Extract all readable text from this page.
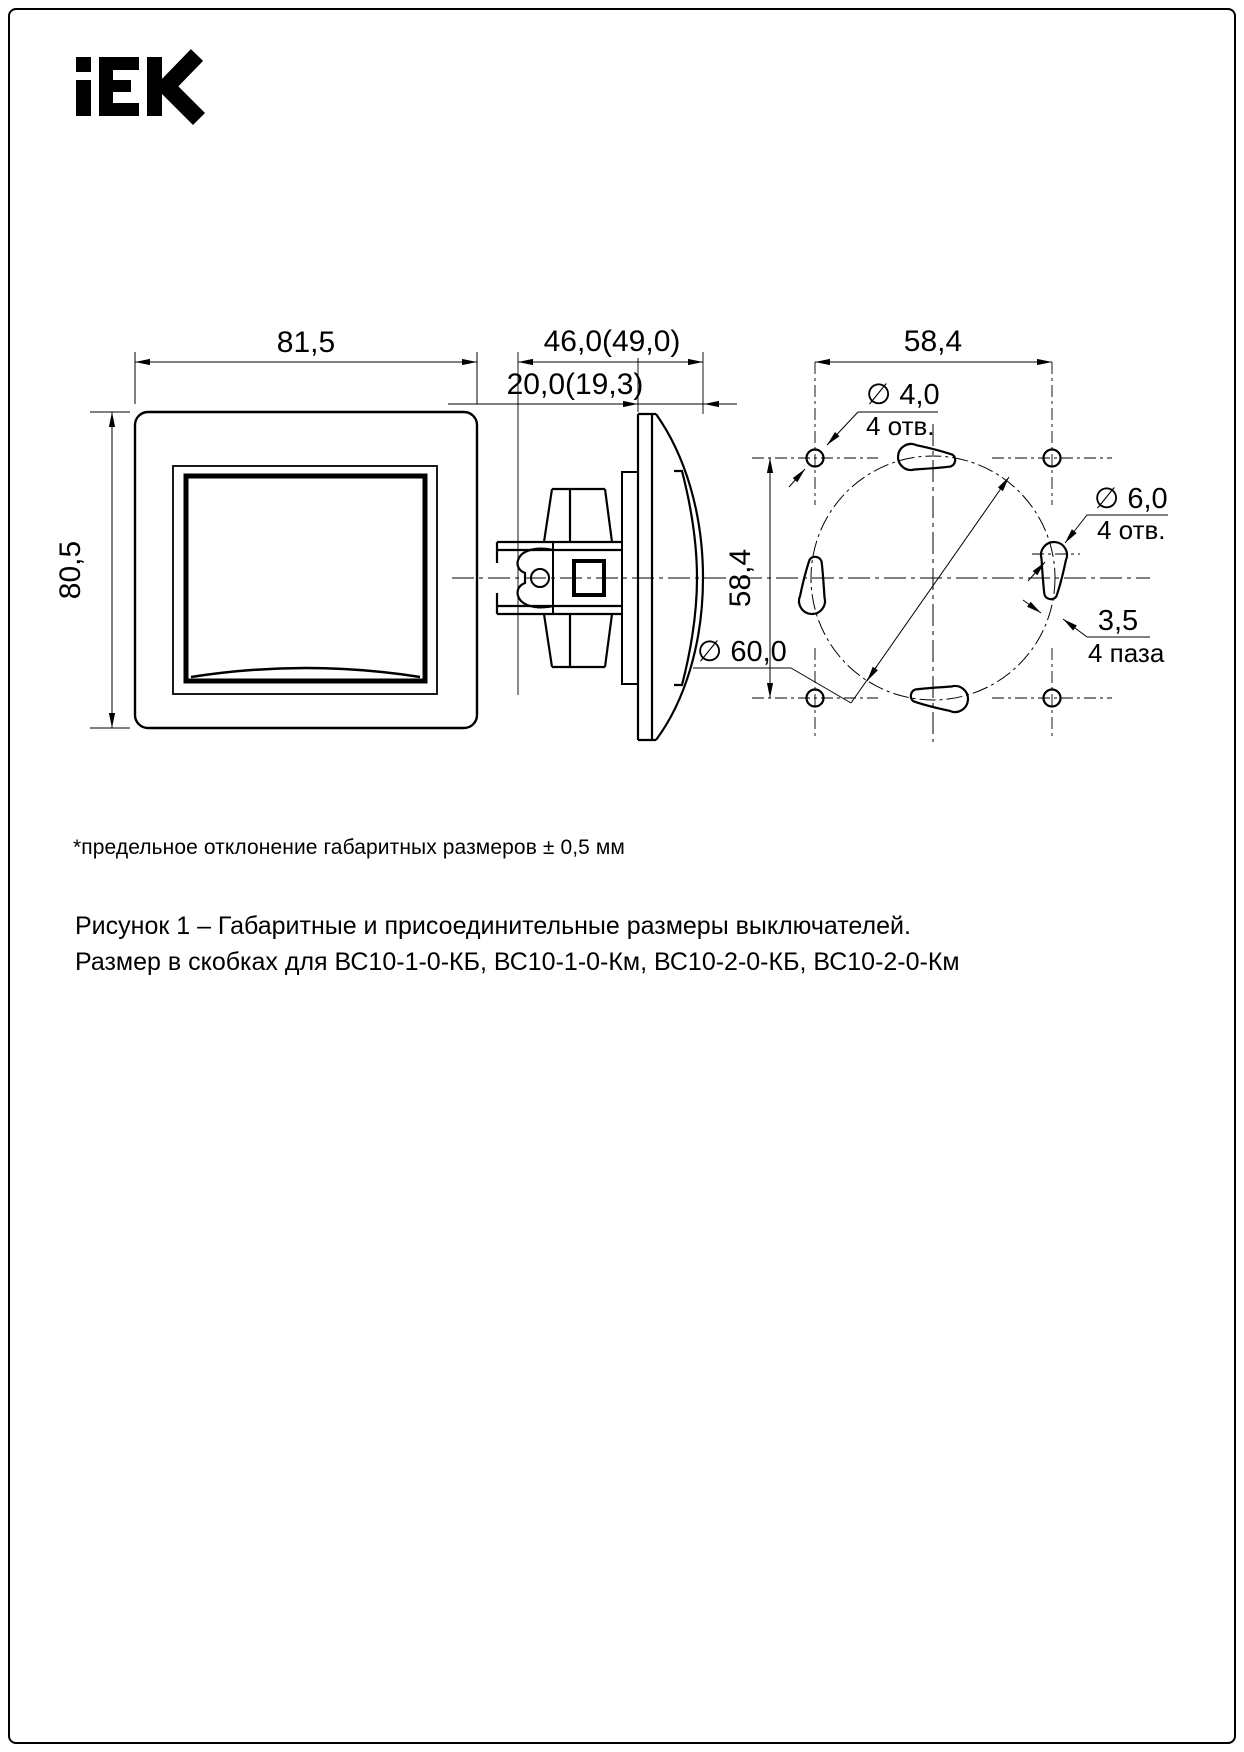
81,5
80,5
46,0(49,0)
20,0(19,3)
58,4
58,4
∅ 4,0
4 отв.
∅ 6,0
4 отв.
3,5
4 паза
∅ 60,0
*предельное отклонение габаритных размеров ± 0,5 мм
Рисунок 1 – Габаритные и присоединительные размеры выключателей.
Размер в скобках для ВС10-1-0-КБ, ВС10-1-0-Км, ВС10-2-0-КБ, ВС10-2-0-Км
